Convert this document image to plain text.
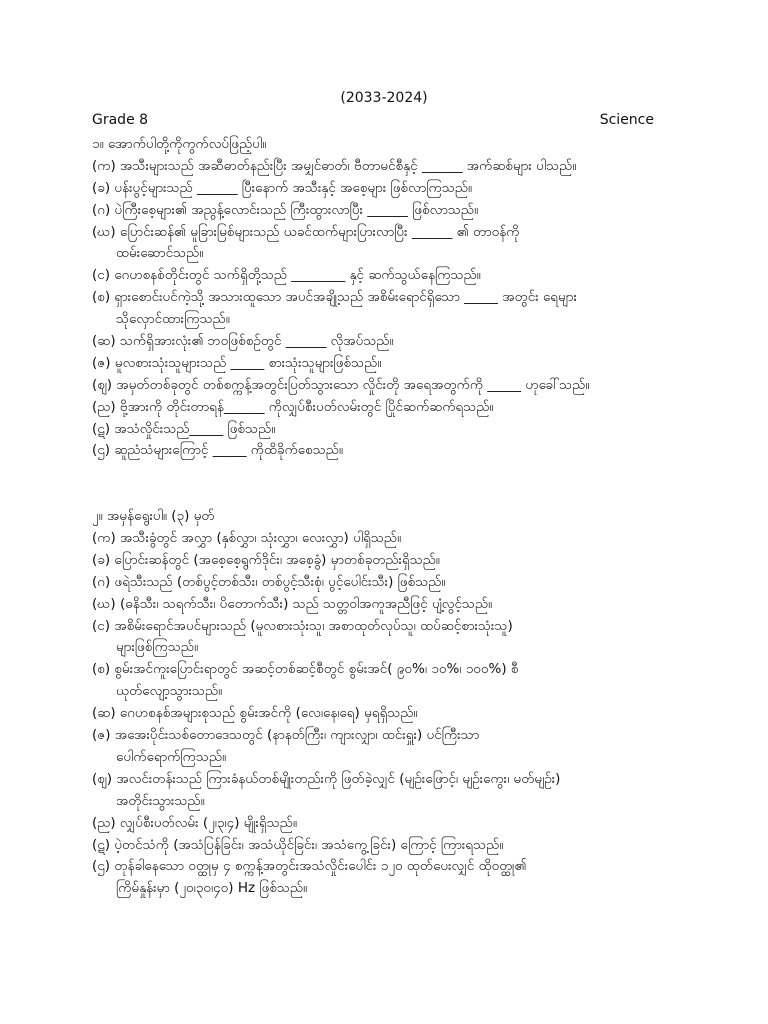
(2033-2024)
Grade 8	Science
၁။ အောက်ပါတို့ကိုကွက်လပ်ဖြည့်ပါ။
(က) အသီးများသည် အဆီဓာတ်နည်းပြီး အမျှင်ဓာတ်၊ ဗီတာမင်စီနှင့် ______ အက်ဆစ်များ ပါသည်။
(ခ) ပန်းပွင့်များသည် ______ ပြီးနောက် အသီးနှင့် အစေ့များ ဖြစ်လာကြသည်။
(ဂ) ပဲကြီးစေ့များ၏ အညွန့်လောင်းသည် ကြီးထွားလာပြီး ______ ဖြစ်လာသည်။
(ဃ) ပြောင်းဆန်၏ မူခြားမြစ်များသည် ယခင်ထက်များပြားလာပြီး ______ ၏ တာဝန်ကို
ထမ်းဆောင်သည်။
(င) ဂေဟစနစ်တိုင်းတွင် သက်ရှိတို့သည် ________ နှင့် ဆက်သွယ်နေကြသည်။
(စ) ရှားစောင်းပင်ကဲ့သို့ အသားထူသော အပင်အချို့သည် အစိမ်းရောင်ရှိသော _____ အတွင်း ရေများ
သိုလှောင်ထားကြသည်။
(ဆ) သက်ရှိအားလုံး၏ ဘဝဖြစ်စဉ်တွင် ______ လိုအပ်သည်။
(ဇ) မူလစားသုံးသူများသည် _____ စားသုံးသူများဖြစ်သည်။
(ဈ) အမှတ်တစ်ခုတွင် တစ်စက္ကန့်အတွင်းပြတ်သွားသော လှိုင်းတို အရေအတွက်ကို _____ ဟုခေါ်သည်။
(ည) ဗို့အားကို တိုင်းတာရန်______ ကိုလျှပ်စီးပတ်လမ်းတွင် ပြိုင်ဆက်ဆက်ရသည်။
(ဋ) အသံလှိုင်းသည်_____ ဖြစ်သည်။
(ဌ) ဆူညံသံများကြောင့် _____ ကိုထိခိုက်စေသည်။
၂။ အမှန်ရွေးပါ။ (၃) မှတ်
(က) အသီးခွံတွင် အလွှာ (နှစ်လွှာ၊ သုံးလွှာ၊ လေးလွှာ) ပါရှိသည်။
(ခ) ပြောင်းဆန်တွင် (အစေ့စေ့ရွက်ဒိုင်း၊ အစေ့ခွံ) မှာတစ်ခုတည်းရှိသည်။
(ဂ) ဖရဲသီးသည် (တစ်ပွင့်တစ်သီး၊ တစ်ပွင့်သီးစုံ၊ ပွင့်ပေါင်းသီး) ဖြစ်သည်။
(ဃ) (ဓနိသီး၊ သရက်သီး၊ ပိတောက်သီး) သည် သတ္တဝါအကူအညီဖြင့် ပျံ့လွင့်သည်။
(င) အစိမ်းရောင်အပင်များသည် (မူလစားသုံးသူ၊ အစာထုတ်လုပ်သူ၊ ထပ်ဆင့်စားသုံးသူ)
များဖြစ်ကြသည်။
(စ) စွမ်းအင်ကူးပြောင်းရာတွင် အဆင့်တစ်ဆင့်စီတွင် စွမ်းအင်( ၉၀%၊ ၁၀%၊ ၁၀၀%) စီ
ယုတ်လျော့သွားသည်။
(ဆ) ဂေဟစနစ်အများစုသည် စွမ်းအင်ကို (လေ၊နေ၊ရေ) မှရရှိသည်။
(ဇ) အအေးပိုင်းသစ်တောဒေသတွင် (နာနတ်ကြီး၊ ကျားလျှာ၊ ထင်းရှူး) ပင်ကြီးသာ
ပေါက်ရောက်ကြသည်။
(ဈ) အလင်းတန်းသည် ကြားခံနယ်တစ်မျိုးတည်းကို ဖြတ်ခဲ့လျှင် (မျဉ်းဖြောင့်၊ မျဉ်းကွေး၊ မတ်မျဉ်း)
အတိုင်းသွားသည်။
(ည) လျှပ်စီးပတ်လမ်း (၂၊၃၊၄) မျိုးရှိသည်။
(ဋ) ပဲ့တင်သံကို (အသံပြန်ခြင်း၊ အသံယိုင်ခြင်း၊ အသံကွေ့ခြင်း) ကြောင့် ကြားရသည်။
(ဌ) တုန်ခါနေသော ဝတ္ထုမှ ၄ စက္ကန့်အတွင်းအသံလှိုင်းပေါင်း ၁၂၀ ထုတ်ပေးလျှင် ထိုဝတ္ထု၏
ကြိမ်နှုန်းမှာ (၂၀၊၃၀၊၄၀) Hz ဖြစ်သည်။
